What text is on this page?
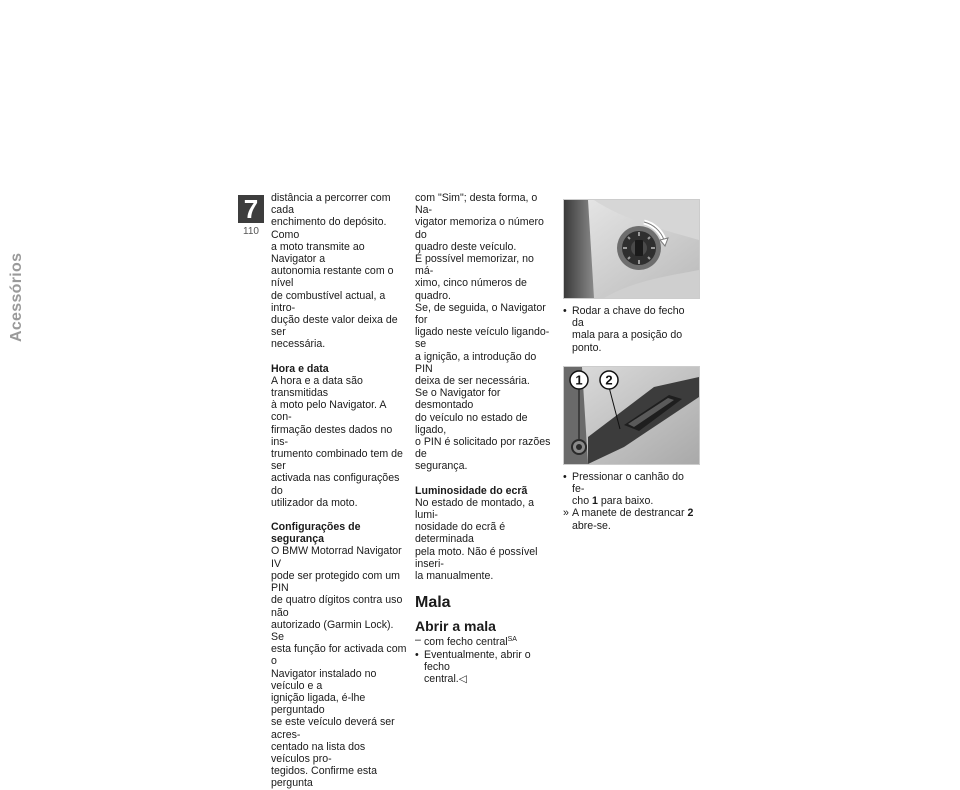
7
110
Acessórios

distância a percorrer com cada
enchimento do depósito. Como
a moto transmite ao Navigator a
autonomia restante com o nível
de combustível actual, a intro-
dução deste valor deixa de ser
necessária.

Hora e data

A hora e a data são transmitidas
à moto pelo Navigator. A con-
firmação destes dados no ins-
trumento combinado tem de ser
activada nas configurações do
utilizador da moto.

Configurações de segurança

O BMW Motorrad Navigator IV
pode ser protegido com um PIN
de quatro dígitos contra uso não
autorizado (Garmin Lock). Se
esta função for activada com o
Navigator instalado no veículo e a
ignição ligada, é-lhe perguntado
se este veículo deverá ser acres-
centado na lista dos veículos pro-
tegidos. Confirme esta pergunta

com "Sim"; desta forma, o Na-
vigator memoriza o número do
quadro deste veículo.
É possível memorizar, no má-
ximo, cinco números de quadro.
Se, de seguida, o Navigator for
ligado neste veículo ligando-se
a ignição, a introdução do PIN
deixa de ser necessária.
Se o Navigator for desmontado
do veículo no estado de ligado,
o PIN é solicitado por razões de
segurança.

Luminosidade do ecrã

No estado de montado, a lumi-
nosidade do ecrã é determinada
pela moto. Não é possível inseri-
la manualmente.

Mala
Abrir a mala
– com fecho central$^{SA}$
• Eventualmente, abrir o fecho
central.◁
• Rodar a chave do fecho da
mala para a posição do ponto.
1 2
• Pressionar o canhão do fe-
cho 1 para baixo.
» A manete de destrancar 2
abre-se.
